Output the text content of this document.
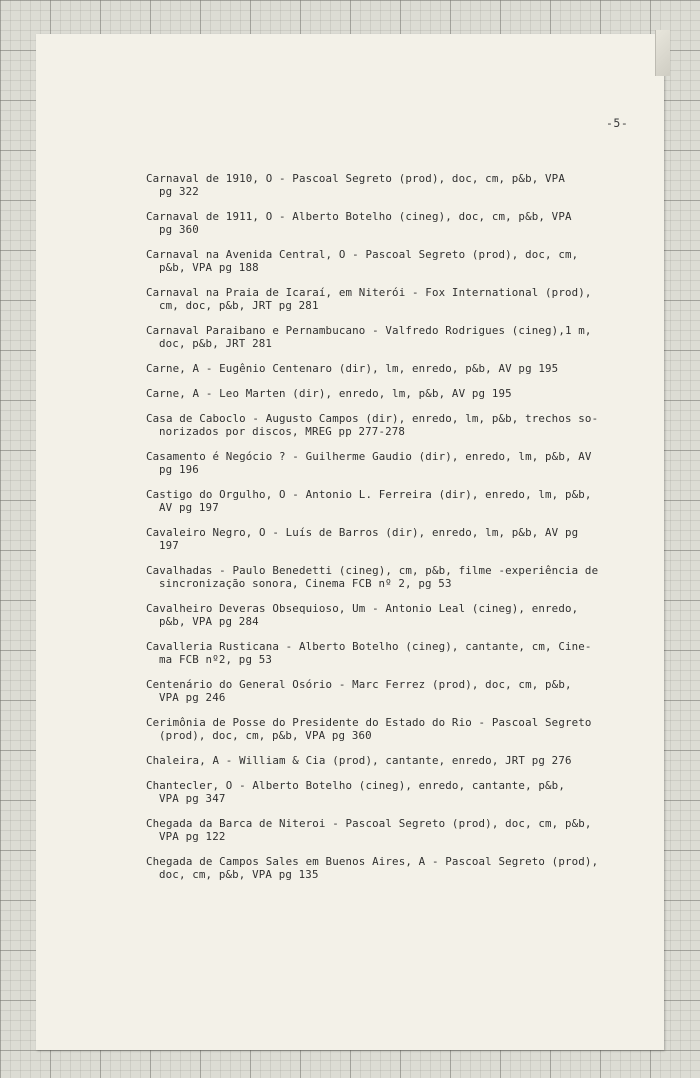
-5-
Carnaval de 1910, O - Pascoal Segreto (prod), doc, cm, p&b, VPA
pg 322
Carnaval de 1911, O - Alberto Botelho (cineg), doc, cm, p&b, VPA
pg 360
Carnaval na Avenida Central, O - Pascoal Segreto (prod), doc, cm,
p&b, VPA pg 188
Carnaval na Praia de Icaraí, em Niterói - Fox International (prod),
cm, doc, p&b, JRT pg 281
Carnaval Paraibano e Pernambucano - Valfredo Rodrigues (cineg),1 m,
doc, p&b, JRT 281
Carne, A - Eugênio Centenaro (dir), lm, enredo, p&b, AV pg 195
Carne, A - Leo Marten (dir), enredo, lm, p&b, AV pg 195
Casa de Caboclo - Augusto Campos (dir), enredo, lm, p&b, trechos so-
norizados por discos, MREG pp 277-278
Casamento é Negócio ? - Guilherme Gaudio (dir), enredo, lm, p&b, AV
pg 196
Castigo do Orgulho, O - Antonio L. Ferreira (dir), enredo, lm, p&b,
AV pg 197
Cavaleiro Negro, O - Luís de Barros (dir), enredo, lm, p&b, AV pg
197
Cavalhadas - Paulo Benedetti (cineg), cm, p&b, filme -experiência de
sincronização sonora, Cinema FCB nº 2, pg 53
Cavalheiro Deveras Obsequioso, Um - Antonio Leal (cineg), enredo,
p&b, VPA pg 284
Cavalleria Rusticana - Alberto Botelho (cineg), cantante, cm, Cine-
ma FCB nº2, pg 53
Centenário do General Osório - Marc Ferrez (prod), doc, cm, p&b,
VPA pg 246
Cerimônia de Posse do Presidente do Estado do Rio - Pascoal Segreto
(prod), doc, cm, p&b, VPA pg 360
Chaleira, A - William & Cia (prod), cantante, enredo, JRT pg 276
Chantecler, O - Alberto Botelho (cineg), enredo, cantante, p&b,
VPA pg 347
Chegada da Barca de Niteroi - Pascoal Segreto (prod), doc, cm, p&b,
VPA pg 122
Chegada de Campos Sales em Buenos Aires, A - Pascoal Segreto (prod),
doc, cm, p&b, VPA pg 135
